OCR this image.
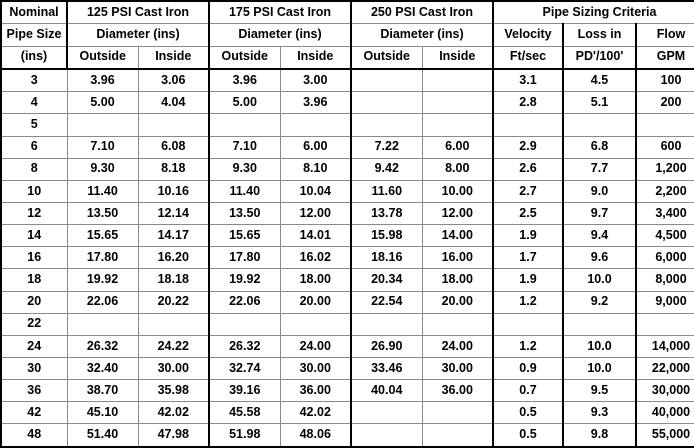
Nominal	125 PSI Cast Iron		175 PSI Cast Iron		250 PSI Cast Iron		Pipe Sizing Criteria		
Pipe Size	Diameter (ins)		Diameter (ins)		Diameter (ins)		Velocity	Loss in	Flow
(ins)	Outside	Inside	Outside	Inside	Outside	Inside	Ft/sec	PD'/100'	GPM
3	3.96	3.06	3.96	3.00			3.1	4.5	100
4	5.00	4.04	5.00	3.96			2.8	5.1	200
5									
6	7.10	6.08	7.10	6.00	7.22	6.00	2.9	6.8	600
8	9.30	8.18	9.30	8.10	9.42	8.00	2.6	7.7	1,200
10	11.40	10.16	11.40	10.04	11.60	10.00	2.7	9.0	2,200
12	13.50	12.14	13.50	12.00	13.78	12.00	2.5	9.7	3,400
14	15.65	14.17	15.65	14.01	15.98	14.00	1.9	9.4	4,500
16	17.80	16.20	17.80	16.02	18.16	16.00	1.7	9.6	6,000
18	19.92	18.18	19.92	18.00	20.34	18.00	1.9	10.0	8,000
20	22.06	20.22	22.06	20.00	22.54	20.00	1.2	9.2	9,000
22									
24	26.32	24.22	26.32	24.00	26.90	24.00	1.2	10.0	14,000
30	32.40	30.00	32.74	30.00	33.46	30.00	0.9	10.0	22,000
36	38.70	35.98	39.16	36.00	40.04	36.00	0.7	9.5	30,000
42	45.10	42.02	45.58	42.02			0.5	9.3	40,000
48	51.40	47.98	51.98	48.06			0.5	9.8	55,000
